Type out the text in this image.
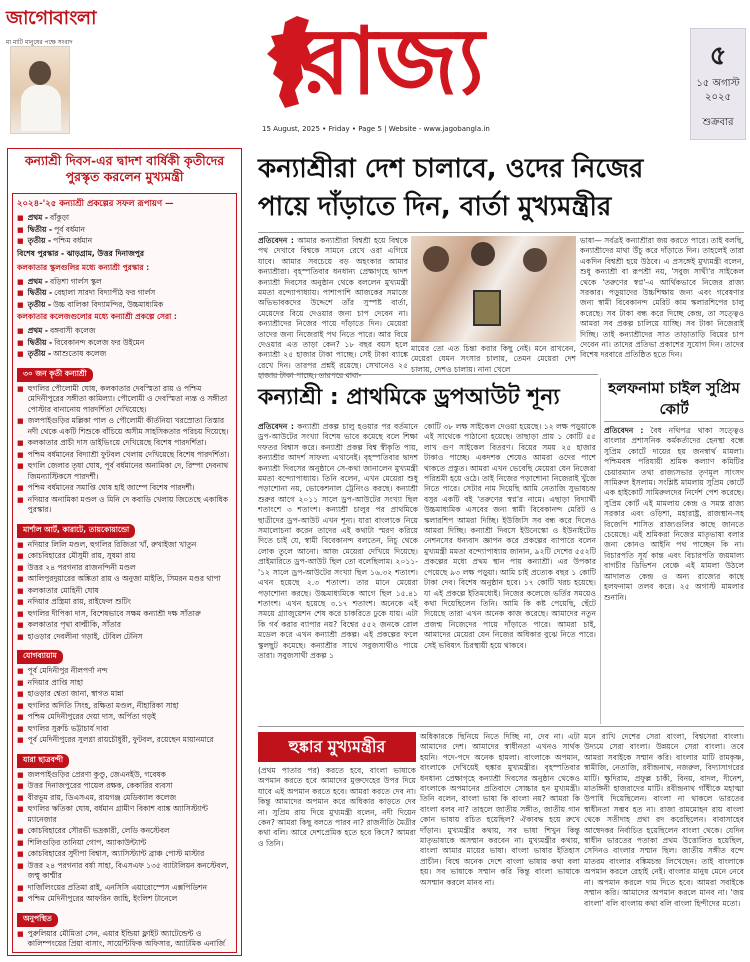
জাগোবাংলা
মা মাটি মানুষের পক্ষে সংবাদ	রাজ্য
15 August, 2025 • Friday • Page 5 | Website - www.jagobangla.in
৫
১৫ অগাস্ট
২০২৫
শুক্রবার
কন্যাশ্রী দিবস-এর দ্বাদশ বার্ষিকী কৃতীদের পুরস্কৃত করলেন মুখ্যমন্ত্রী
২০২৪-'২৫ কন্যাশ্রী প্রকল্পের সফল রূপায়ণ —
■ প্রথম - বাঁকুড়া
■ দ্বিতীয় - পূর্ব বর্ধমান
■ তৃতীয় - পশ্চিম বর্ধমান
বিশেষ পুরস্কার - ঝাড়গ্রাম, উত্তর দিনাজপুর
কলকাতার স্কুলগুলির মধ্যে কন্যাশ্রী পুরস্কার :
■ প্রথম - বড়িশা গার্লস স্কুল
■ দ্বিতীয় - বেহালা সারদা বিদ্যাপীঠ ফর গার্লস
■ তৃতীয় - উচ্চ বালিকা বিদ্যামন্দির, উচ্চমাধ্যমিক
কলকাতার কলেজগুলোর মধ্যে কন্যাশ্রী প্রকল্পে সেরা :
■ প্রথম - বঙ্গবাসী কলেজ
■ দ্বিতীয় - বিবেকানন্দ কলেজ ফর উইমেন
■ তৃতীয় - আশুতোষ কলেজ
৩০ জন কৃতী কন্যাশ্রী
■ হুগলির পৌলোমী ঘোষ, কলকাতার দেবস্মিতা রায় ও পশ্চিম মেদিনীপুরের সঙ্গীতা কামিল্যা। পৌলোমী ও দেবস্মিতা ন্যন্ত ও সঙ্গীতা পোস্টার বানানোয় পারদর্শিতা দেখিয়েছে।
■ জলপাইগুড়ির মল্লিকা পাল ও পৌলোমী কীর্তনিয়া খরস্রোতা তিস্তার নদী থেকে একটি শিশুকে বাঁচিয়ে অসীম সাহসিকতার পরিচয় দিয়েছে।
■ কলকাতার প্রাচী দাস ডাইভিংয়ে দেখিয়েছে বিশেষ পারদর্শিতা।
■ পশ্চিম বর্ধমানের বিদ্যাশ্রী ফুটবল খেলায় দেখিয়েছে বিশেষ পারদর্শিতা।
■ হুগলি জেলার তৃষা ঘোষ, পূর্ব বর্ধমানের অনামিকা দে, রিম্পা দেবনাথ জিমন্যাস্টিকসে পারদর্শী।
■ পশ্চিম বর্ধমানের সমাপ্তি ঘোষ হাই জাম্পে বিশেষ পারদর্শী।
■ নদিয়ার অনামিকা মণ্ডল ও মিনি দে কবাডি খেলায় জিতেছে একাধিক পুরস্কার।
মার্শাল আর্ট, কারাটে, তায়কোয়ান্ডো
■ নদিয়ার লিলি মণ্ডল, হুগলির রিজিতা খাঁ, রুখাইজা খাতুন
■ কোচবিহারের মৌসুমী রায়, সুষমা রায়
■ উত্তর ২৪ পরগনার রাজনন্দিনী মণ্ডল
■ আলিপুরদুয়ারের অঙ্কিতা রায় ও অনুজা মাইতি, সিমরন মণ্ডর থাপা
■ কলকাতার মোহিনী ঘোষ
■ নদিয়ার প্রস্ত্রিমা রায়, রাইফেল শুটিং
■ হুগলির দীপিকা দাস, বিশেষভাবে সক্ষম কন্যাশ্রী দক্ষ সাঁতারু
■ কলকাতার পৃথা বাল্মীকি, সাঁতার
■ হাওড়ার দেবলীনা গড়াই, টেবিল টেনিস
যোগব্যায়াম
■ পূর্ব মেদিনীপুর নীলপর্ণা নন্দ
■ নদিয়ার প্রাপ্তি সাহা
■ হাওড়ার শ্বেতা জানা, স্বাগত মান্না
■ হুগলির অদিতি সিংহ, রক্ষিতা মণ্ডল, নীহারিকা সাহা
■ পশ্চিম মেদিনীপুরের দেয়া দাস, অর্পিতা গড়ই
■ হুগলির সুরুচি ভট্টাচার্য দাবা
■ পূর্ব মেদিনীপুরের সুলগ্না রায়চৌধুরী, ফুটবল, রয়েছেন মায়ানমারে
যারা ছাত্রবন্দী
■ জলপাইগুড়ির প্রেরণা কুণ্ডু, জেএনইউ, গবেষক
■ উত্তর দিনাজপুরের পায়েল রক্ষক, কেকারির ব্যবসা
■ বীরভূম রায়, ডিএসএম, রায়গঞ্জ মেডিক্যাল কলেজ
■ হুগলির ঋতিকা ঘোষ, বর্ধমান গ্রামীণ বিকাশ ব্যাঙ্ক অ্যাসিস্ট্যান্ট ম্যানেজার
■ কোচবিহারের সৌরভী ভদ্রকারী, লেডি কনস্টেবল
■ শিলিগুড়ির তানিয়া গোপ, অ্যাকাউন্ট্যান্ট
■ কোচবিহারের সুদীপা বিশ্বাস, অ্যাসিস্ট্যান্ট ব্রাঞ্চ পোস্ট মাস্টার
■ উত্তর ২৪ পরগনার বর্ষা সাহা, বিএসএফ ১৩৫ ব্যাটালিয়ন কনস্টেবল, জম্মু কাশ্মীর
■ দার্জিলিংয়ের প্রতিমা রাই, এনসিসি এয়ারোস্পেস এক্সপিডিশন
■ পশ্চিম মেদিনীপুরের আফরিন জাহি, ইংলিশ টানেলে
অনুপস্থিত
■ পুরুলিয়ার মৌমিতা সেন, এয়ার ইন্ডিয়া ফ্লাইট অ্যাটেন্ডেন্ট ও কালিম্পংয়ের প্রিয়া বাসাং, সায়েন্টিফিক অফিসার, অ্যাটমিক এনার্জি
কন্যাশ্রীরা দেশ চালাবে, ওদের নিজের
পায়ে দাঁড়াতে দিন, বার্তা মুখ্যমন্ত্রীর
প্রতিবেদন : আমার কন্যাশ্রীরা বিশ্বশ্রী হয়ে বিশ্বকে পথ দেখাবে বিশ্বকে সামনে রেখে ওরা এগিয়ে যাবে। আমার সবচেয়ে বড় অহংকার আমার কন্যাশ্রীরা। বৃহস্পতিবার ধনধান্য প্রেক্ষাগৃহে দ্বাদশ কন্যাশ্রী দিবসের অনুষ্ঠান থেকে বললেন মুখ্যমন্ত্রী মমতা বন্দ্যোপাধ্যায়। পাশাপাশি আজকের সমাজে অভিভাবকদের উদ্দেশে তাঁর সুস্পষ্ট বার্তা, মেয়েদের বিয়ে দেওয়ার জন্য চাপ দেবেন না। কন্যাশ্রীদের নিজের পায়ে দাঁড়াতে দিন। মেয়েরা তাদের জন্য নিজেরাই পথ নিতে পারে। আর বিয়ে দেওয়ার এত তাড়া কেন? ১৮ বছর বয়স হলে কন্যাশ্রী ২৫ হাজার টাকা পাচ্ছে। সেই টাকা ব্যাঙ্কে রেখে দিন। তারপর প্রশ্নই রয়েছে। সেখানেও ২৫ হাজার টাকা পাচ্ছে। তারপরে বাবা-
মায়ের তো এত চিন্তা করার কিছু নেই। মনে রাখবেন, মেয়েরা যেমন সংসার চালায়, তেমন মেয়েরা দেশ চালায়, দেশও চালায়। নানা খেলে
ভাষা— সর্বত্রই কন্যাশ্রীরা জয় করতে পারে। তাই বলছি, কন্যাশ্রীদের মাথা উঁচু করে দাঁড়াতে দিন। তাহলেই তারা একদিন বিশ্বশ্রী হয়ে উঠবে। এ প্রসঙ্গেই মুখ্যমন্ত্রী বলেন, শুধু কন্যাশ্রী বা রূপশ্রী নয়, 'সবুজ সাথী'র সাইকেল থেকে 'তরুণের স্বপ্ন'-এ আর্থিকভাবে নিজের রাজ্য সরকার। পড়ুয়াদের উচ্চশিক্ষায় জন্য এবং গবেষণার জন্য স্বামী বিবেকানন্দ মেরিট কাম স্কলারশিপের চালু করেছে। সব টাকা বন্ধ করে দিচ্ছে কেন্দ্র, তা সত্ত্বেও আমরা সব প্রকল্প চালিয়ে যাচ্ছি। সব টাকা নিজেরাই দিচ্ছি। তাই কন্যাশ্রীদের সাত তাড়াতাড়ি বিয়ের চাপ দেবেন না। তাদের প্রতিভা প্রকাশের সুযোগ দিন। তাদের বিশেষ দরবারে প্রতিষ্ঠিত হতে দিন।
কন্যাশ্রী : প্রাথমিকে ড্রপআউট শূন্য
প্রতিবেদন : কন্যাশ্রী প্রকল্প চালু হওয়ার পর বর্তমানে ড্রপ-আউটের সংখ্যা বিশেষ ভাবে কমেছে বলে শিক্ষা দফতর বিশ্বাস করে। কন্যাশ্রী প্রকল্প বিশ্ব স্বীকৃতি পায়, কন্যাশ্রীর আদর্শ সাফল্য এখানেই। বৃহস্পতিবার দ্বাদশ কন্যাশ্রী দিবসের অনুষ্ঠানে সে-কথা জানালেন মুখ্যমন্ত্রী মমতা বন্দ্যোপাধ্যায়। তিনি বলেন, এখন মেয়েরা শুধু পড়াশোনা নয়, ভোকেশনাল ট্রেনিংও করছে। কন্যাশ্রী শুরুর আগে ২০১১ সালে ড্রপ-আউটের সংখ্যা ছিল শতাংশে ৩ শতাংশ। কন্যাশ্রী চালুর পর প্রাথমিকে ছাত্রীদের ড্রপ-আউট এখন শূন্য। যারা বাংলাকে নিয়ে সমালোচনা করেন তাদের এই কথাটা স্মরণ করিয়ে দিতে চাই যে, স্বামী বিবেকানন্দ বলতেন, নিচু থেকে লোক তুলে আনো। আজ মেয়েরা দেখিয়ে দিয়েছে। প্রাইমারিতে ড্রপ-আউট ছিল তো বলেছিলাম। ২০১১-'১২ সালে ড্রপ-আউটের সংখ্যা ছিল ১৬.৩২ শতাংশ। এখন হয়েছে ২.৩ শতাংশ। তার মানে মেয়েরা পড়াশোনা করছে। উচ্চমাধ্যমিকে আগে ছিল ১৫.৪১ শতাংশ। এখন হয়েছে ৩.১৭ শতাংশ। অনেকে এই সময়ে গ্র্যাজুয়েশন শেষ করে চাকরিতে ঢুকে যায়। এটা কি গর্ব করার ব্যাপার নয়? বিশ্বের ৫৫২ জনকে রোল মডেল করে এখন কন্যাশ্রী প্রকল্প। এই প্রকল্পের ফলে স্কুলছুট কমেছে। কন্যাশ্রীর সাথে সবুজসাথীও পায়ে তারা। সবুজসাথী প্রকল্প ১
কোটি ৩৮ লক্ষ সাইকেল দেওয়া হয়েছে। ১২ লক্ষ পড়ুয়াকে এই সাথেকে পাঠানো হয়েছে। তাছাড়া প্রায় ১ কোটি ৫৫ লাখ গুণ সাইকেল বিতরণ। বিয়ের সময় ২৫ হাজার টাকাও পাচ্ছে। একদশক শেষেও আমরা ওদের পাশে থাকতে প্রস্তুত। আমরা এখন ভেবেছি মেয়েরা যেন নিজেরা পরিশ্রমী হয়ে ওঠে। তাই নিজের পড়াশোনা নিজেরাই খুঁজে নিতে পারে। সেটার নাম দিয়েছি আমি নেতাজি সুভাষচন্দ্র বসুর একটি বই 'তরুণের স্বপ্ন'র নামে। এছাড়া বিদ্যার্থী উচ্চমাধ্যমিক এসবের জন্য স্বামী বিবেকানন্দ মেরিট ও স্কলারশিপ আমরা দিচ্ছি। ইউজিসি সব বন্ধ করে দিলেও আমরা দিচ্ছি। কন্যাশ্রী দিবসে ইউনেস্কো ও ইউনাইটেড নেশনসের ধন্যবাদ জ্ঞাপন করে প্রকল্পের ব্যাপারে বলেন মুখ্যমন্ত্রী মমতা বন্দ্যোপাধ্যায় জানান, ৯২টি দেশের ৫৫২টি প্রকল্পের মধ্যে প্রথম স্থান পায় কন্যাশ্রী। এর উপকার পেয়েছে ৯৩ লক্ষ পড়ুয়া। আমি চাই প্রত্যেক বছর ১ কোটি টাকা দেব। বিশেষ অনুষ্ঠান হবে। ১৭ কোটি খরচ হয়েছে। যা এই প্রকল্পে ইতিমধ্যেই। নিজের কলেজে ভর্তির সময়েও কথা দিয়েছিলেন তিনি। আমি কি কষ্ট পেয়েছি, ছেঁটে দিয়েছে তারা এখন অনেক কাজ করেছে। আমাদের নতুন প্রজন্ম নিজেদের পায়ে দাঁড়াতে পারে। আমরা চাই, আমাদের মেয়েরা যেন নিজের অধিকার বুঝে নিতে পারে। সেই ভবিষ্যৎ চিরস্থায়ী হয়ে থাকবে।
হলফনামা চাইল সুপ্রিম কোর্ট
প্রতিবেদন : বৈধ নথিপত্র থাকা সত্ত্বেও বাংলার প্রশাসনিক কর্মকর্তাদের হেনস্থা বন্ধে সুপ্রিম কোর্টে দায়ের হয় জনস্বার্থ মামলা। পশ্চিমবঙ্গ পরিযায়ী শ্রমিক কল্যাণ কমিটির চেয়ারম্যান তথা রাজ্যসভার তৃণমূল সাংসদ সামিরুল ইসলাম। সংশ্লিষ্ট মামলায় সুপ্রিম কোর্টে এক হাইকোর্ট সামিরুলদের নির্দেশ পেশ করেছে। সুপ্রিম কোর্ট এই মামলায় কেন্দ্র ও সমস্ত রাজ্য সরকার এবং ওড়িশা, মহারাষ্ট্র, রাজস্থান-সহ বিজেপি শাসিত রাজ্যগুলির কাছে জানতে চেয়েছে। এই শ্রমিকরা নিজের মাতৃভাষা বলার জন্য কোনও আইনি পথ পাচ্ছেন কি না। বিচারপতি সূর্য কান্ত এবং বিচারপতি জয়মাল্য বাগচীর ডিভিশন বেঞ্চে এই মামলা উঠলে আদালত কেন্দ্র ও অন্য রাজ্যের কাছে হলফনামা তলব করে। ২৫ অগাস্ট মামলার শুনানি।
হুঙ্কার মুখ্যমন্ত্রীর
(প্রথম পাতার পর) করতে হবে, বাংলা ভাষাকে অপমান করতে হবে আমাদের মুক্তদেহের উপর দিয়ে যাবে এই অপমান করতে হবে। আমরা করতে দেব না। কিন্তু আমাদের অপমান করে অধিকার কাড়তে দেব না। সুপ্রিম রায় দিয়ে মুখ্যমন্ত্রী বলেন, নদী দিয়েন কেন? আমরা কিছু বলতে পারব না? রাজনীতি মৈত্রীর কথা বলি। আরে দেশপ্রেমিক হতে হবে কিসে? আমরা ও তিনি।
অধিকারকে ছিনিয়ে নিতে দিচ্ছি না, দেব না। এটা আমাদের দেশ। আমাদের স্বাধীনতা এখনও সার্থক হয়নি। পদে-পদে অনেক হামলা। বাংলাকে অপমান, বাংলাকে দেখিয়েই হুঙ্কার মুখ্যমন্ত্রীর। বৃহস্পতিবার ধনধান্য প্রেক্ষাগৃহে কন্যাশ্রী দিবসের অনুষ্ঠান থেকেও বাংলাকে অপমানের প্রতিবাদে সোচ্চার হন মুখ্যমন্ত্রী। তিনি বলেন, বাংলা ভাষা কি বাংলা নয়? আমরা কি বাংলা বলব না? তাহলে জাতীয় সঙ্গীত, জাতীয় গান কোন ভাষায় রচিত হয়েছিল? ঐক্যবদ্ধ হয়ে রুখে দাঁড়ান। মুখ্যমন্ত্রীর কথায়, সব ভাষা শিখুন কিন্তু মাতৃভাষাকে অসম্মান করবেন না। মুখ্যমন্ত্রীর কথায়, বাংলা আমার মায়ের ভাষা। বাংলা ভাষার ইতিহাস প্রাচীন। বিশ্বে অনেক দেশে বাংলা ভাষায় কথা বলা হয়। সব ভাষাকে সম্মান করি কিন্তু বাংলা ভাষাকে অসম্মান করলে মানব না।
মনে রাখি দেশের সেরা বাংলা, বিশ্বসেরা বাংলা। উদ্যমে সেরা বাংলা। উন্নয়নে সেরা বাংলা। তবে আমরা সবাইকে সম্মান করি। বাংলার মাটি রামকৃষ্ণ, স্বামীজি, নেতাজি, রবীন্দ্রনাথ, নজরুল, বিদ্যাসাগরের মাটি। ক্ষুদিরাম, প্রফুল্ল চাকী, বিনয়, বাদল, দীনেশ, মাতঙ্গিনী হাজরাদের মাটি। রবীন্দ্রনাথ গাঁধীকে মহাত্মা উপাধি দিয়েছিলেন। বাংলা না থাকলে ভারতের স্বাধীনতা সম্ভব হত না। রাজা রামমোহন রায় বাংলা থেকে সতীদাহ প্রথা রদ করেছিলেন। বাবাসাহেব আম্বেদকর নির্বাচিত হয়েছিলেন বাংলা থেকে। যেদিন স্বাধীন ভারতের পতাকা প্রথম উত্তোলিত হয়েছিল, সেদিনও বাংলার সম্মান ছিল। জাতীয় সঙ্গীত বন্দে মাতরম বাংলার বঙ্কিমচন্দ্র লিখেছেন। তাই বাংলাকে অপমান করলে রেহাই নেই। বাংলার মানুষ মেনে নেবে না। অপমান করলে দাম দিতে হবে। আমরা সবাইকে সম্মান করি। আমাদের অপমান করলে মানব না। 'জয় বাংলা' বলি বাংলায় কথা বলি বাংলা হিন্দীদের মতো।
